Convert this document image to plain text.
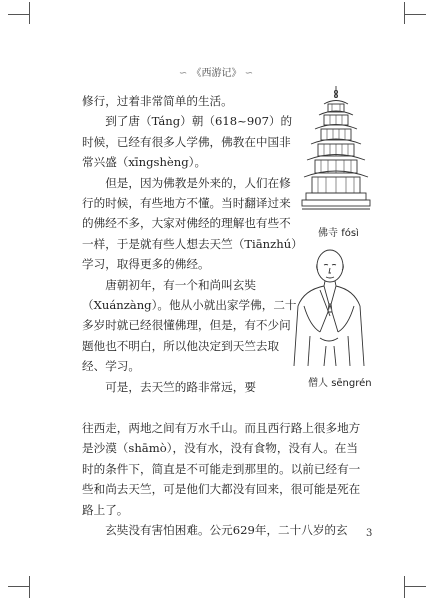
∽ 《西游记》 ∽

修行，过着非常简单的生活。

到了唐（Táng）朝（618~907）的时候，已经有很多人学佛，佛教在中国非常兴盛（xīngshèng）。

但是，因为佛教是外来的，人们在修行的时候，有些地方不懂。当时翻译过来的佛经不多，大家对佛经的理解也有些不一样，于是就有些人想去天竺（Tiānzhú）学习，取得更多的佛经。

唐朝初年，有一个和尚叫玄奘（Xuánzàng）。他从小就出家学佛，二十多岁时就已经很懂佛理，但是，有不少问题他也不明白，所以他决定到天竺去取经、学习。

可是，去天竺的路非常远，要

往西走，两地之间有万水千山。而且西行路上很多地方是沙漠（shāmò），没有水，没有食物，没有人。在当时的条件下，简直是不可能走到那里的。以前已经有一些和尚去天竺，可是他们大都没有回来，很可能是死在路上了。

玄奘没有害怕困难。公元629年，二十八岁的玄

佛寺 fósì
僧人 sēngrén
3
